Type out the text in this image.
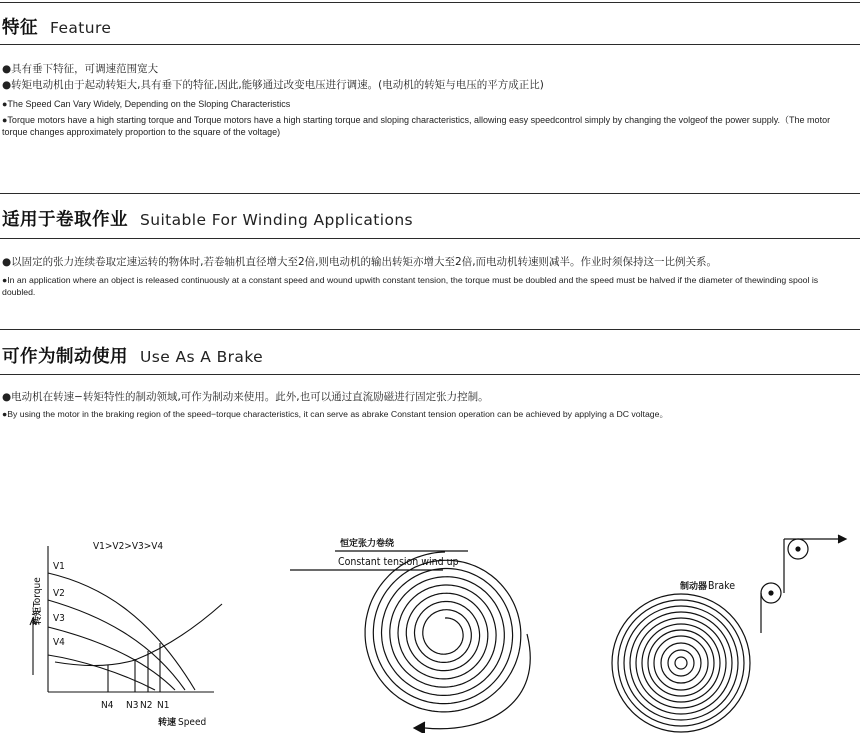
特征 Feature
●具有垂下特征，可调速范围宽大
●转矩电动机由于起动转矩大,具有垂下的特征,因此,能够通过改变电压进行调速。(电动机的转矩与电压的平方成正比)
●The Speed Can Vary Widely, Depending on the Sloping Characteristics
●Torque motors have a high starting torque and Torque motors have a high starting torque and sloping characteristics, allowing easy speedcontrol simply by changing the volgeof the power supply.（The motor torque changes approximately proportion to the square of the voltage)
适用于卷取作业 Suitable For Winding Applications
●以固定的张力连续卷取定速运转的物体时,若卷轴机直径增大至2倍,则电动机的输出转矩亦增大至2倍,而电动机转速则减半。作业时须保持这一比例关系。
●In an application where an object is released continuously at a constant speed and wound upwith constant tension, the torque must be doubled and the speed must be halved if the diameter of thewinding spool is doubled.
可作为制动使用 Use As A Brake
●电动机在转速−转矩特性的制动领域,可作为制动来使用。此外,也可以通过直流励磁进行固定张力控制。
●By using the motor in the braking region of the speed−torque characteristics, it can serve as abrake Constant tension operation can be achieved by applying a DC voltage。
V1>V2>V3>V4
V1
V2
V3
V4
N4 N3 N2 N1
转速 Speed
转矩
Torque
恒定张力卷绕
Constant tension wind up
制动器 Brake
